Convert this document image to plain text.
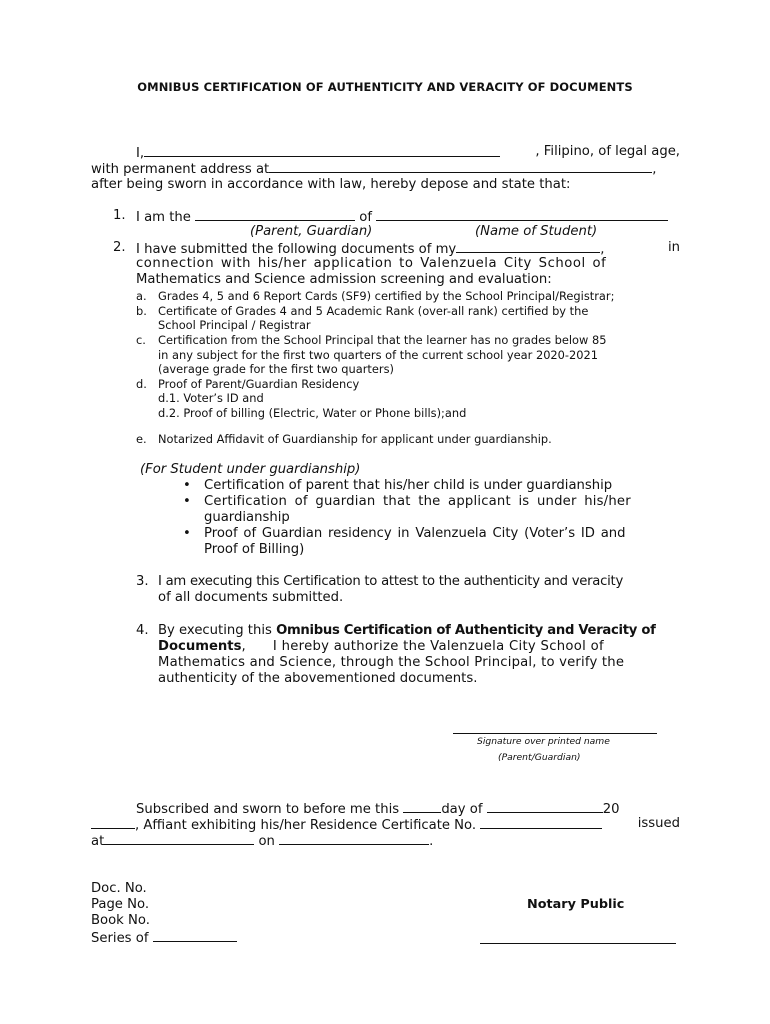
OMNIBUS CERTIFICATION OF AUTHENTICITY AND VERACITY OF DOCUMENTS
I,	, Filipino, of legal age,
with permanent address at	,
after being sworn in accordance with law, hereby depose and state that:
1. I am the	of
(Parent, Guardian)	(Name of Student)
2. I have submitted the following documents of my	,	in
connection with his/her application to Valenzuela City School of
Mathematics and Science admission screening and evaluation:
a. Grades 4, 5 and 6 Report Cards (SF9) certified by the School Principal/Registrar;
b. Certificate of Grades 4 and 5 Academic Rank (over-all rank) certified by the
School Principal / Registrar
c. Certification from the School Principal that the learner has no grades below 85
in any subject for the first two quarters of the current school year 2020-2021
(average grade for the first two quarters)
d. Proof of Parent/Guardian Residency
d.1. Voter’s ID and
d.2. Proof of billing (Electric, Water or Phone bills);and
e. Notarized Affidavit of Guardianship for applicant under guardianship.
(For Student under guardianship)
• Certification of parent that his/her child is under guardianship
• Certification of guardian that the applicant is under his/her
guardianship
• Proof of Guardian residency in Valenzuela City (Voter’s ID and
Proof of Billing)
3. I am executing this Certification to attest to the authenticity and veracity
of all documents submitted.
4. By executing this Omnibus Certification of Authenticity and Veracity of
Documents,      I hereby authorize the Valenzuela City School of
Mathematics and Science, through the School Principal, to verify the
authenticity of the abovementioned documents.
Signature over printed name
(Parent/Guardian)
Subscribed and sworn to before me this	day of	20
, Affiant exhibiting his/her Residence Certificate No.	issued
at	on	.
Doc. No.
Page No.
Book No.
Series of
Notary Public
